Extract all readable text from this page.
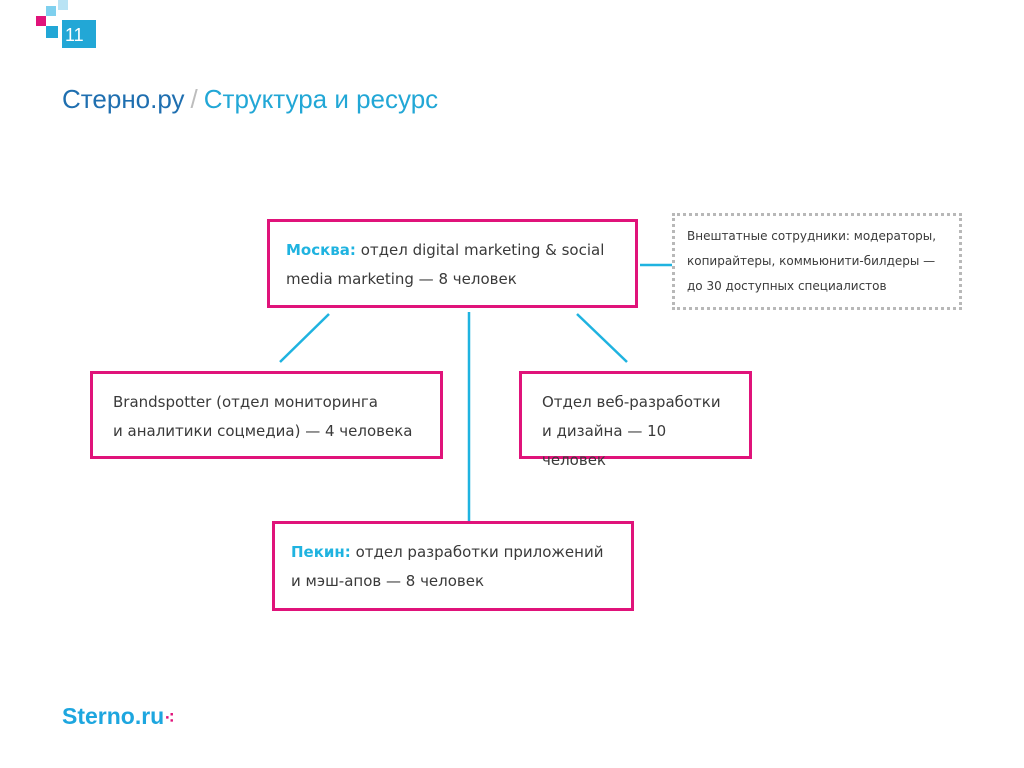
11
Стерно.ру / Структура и ресурс
Москва: отдел digital marketing & social
media marketing — 8 человек
Внештатные сотрудники: модераторы,
копирайтеры, коммьюнити-билдеры —
до 30 доступных специалистов
Brandspotter (отдел мониторинга
и аналитики соцмедиа) — 4 человека
Отдел веб-разработки
и дизайна — 10 человек
Пекин: отдел разработки приложений
и мэш-апов — 8 человек
Sterno.ru⁖
